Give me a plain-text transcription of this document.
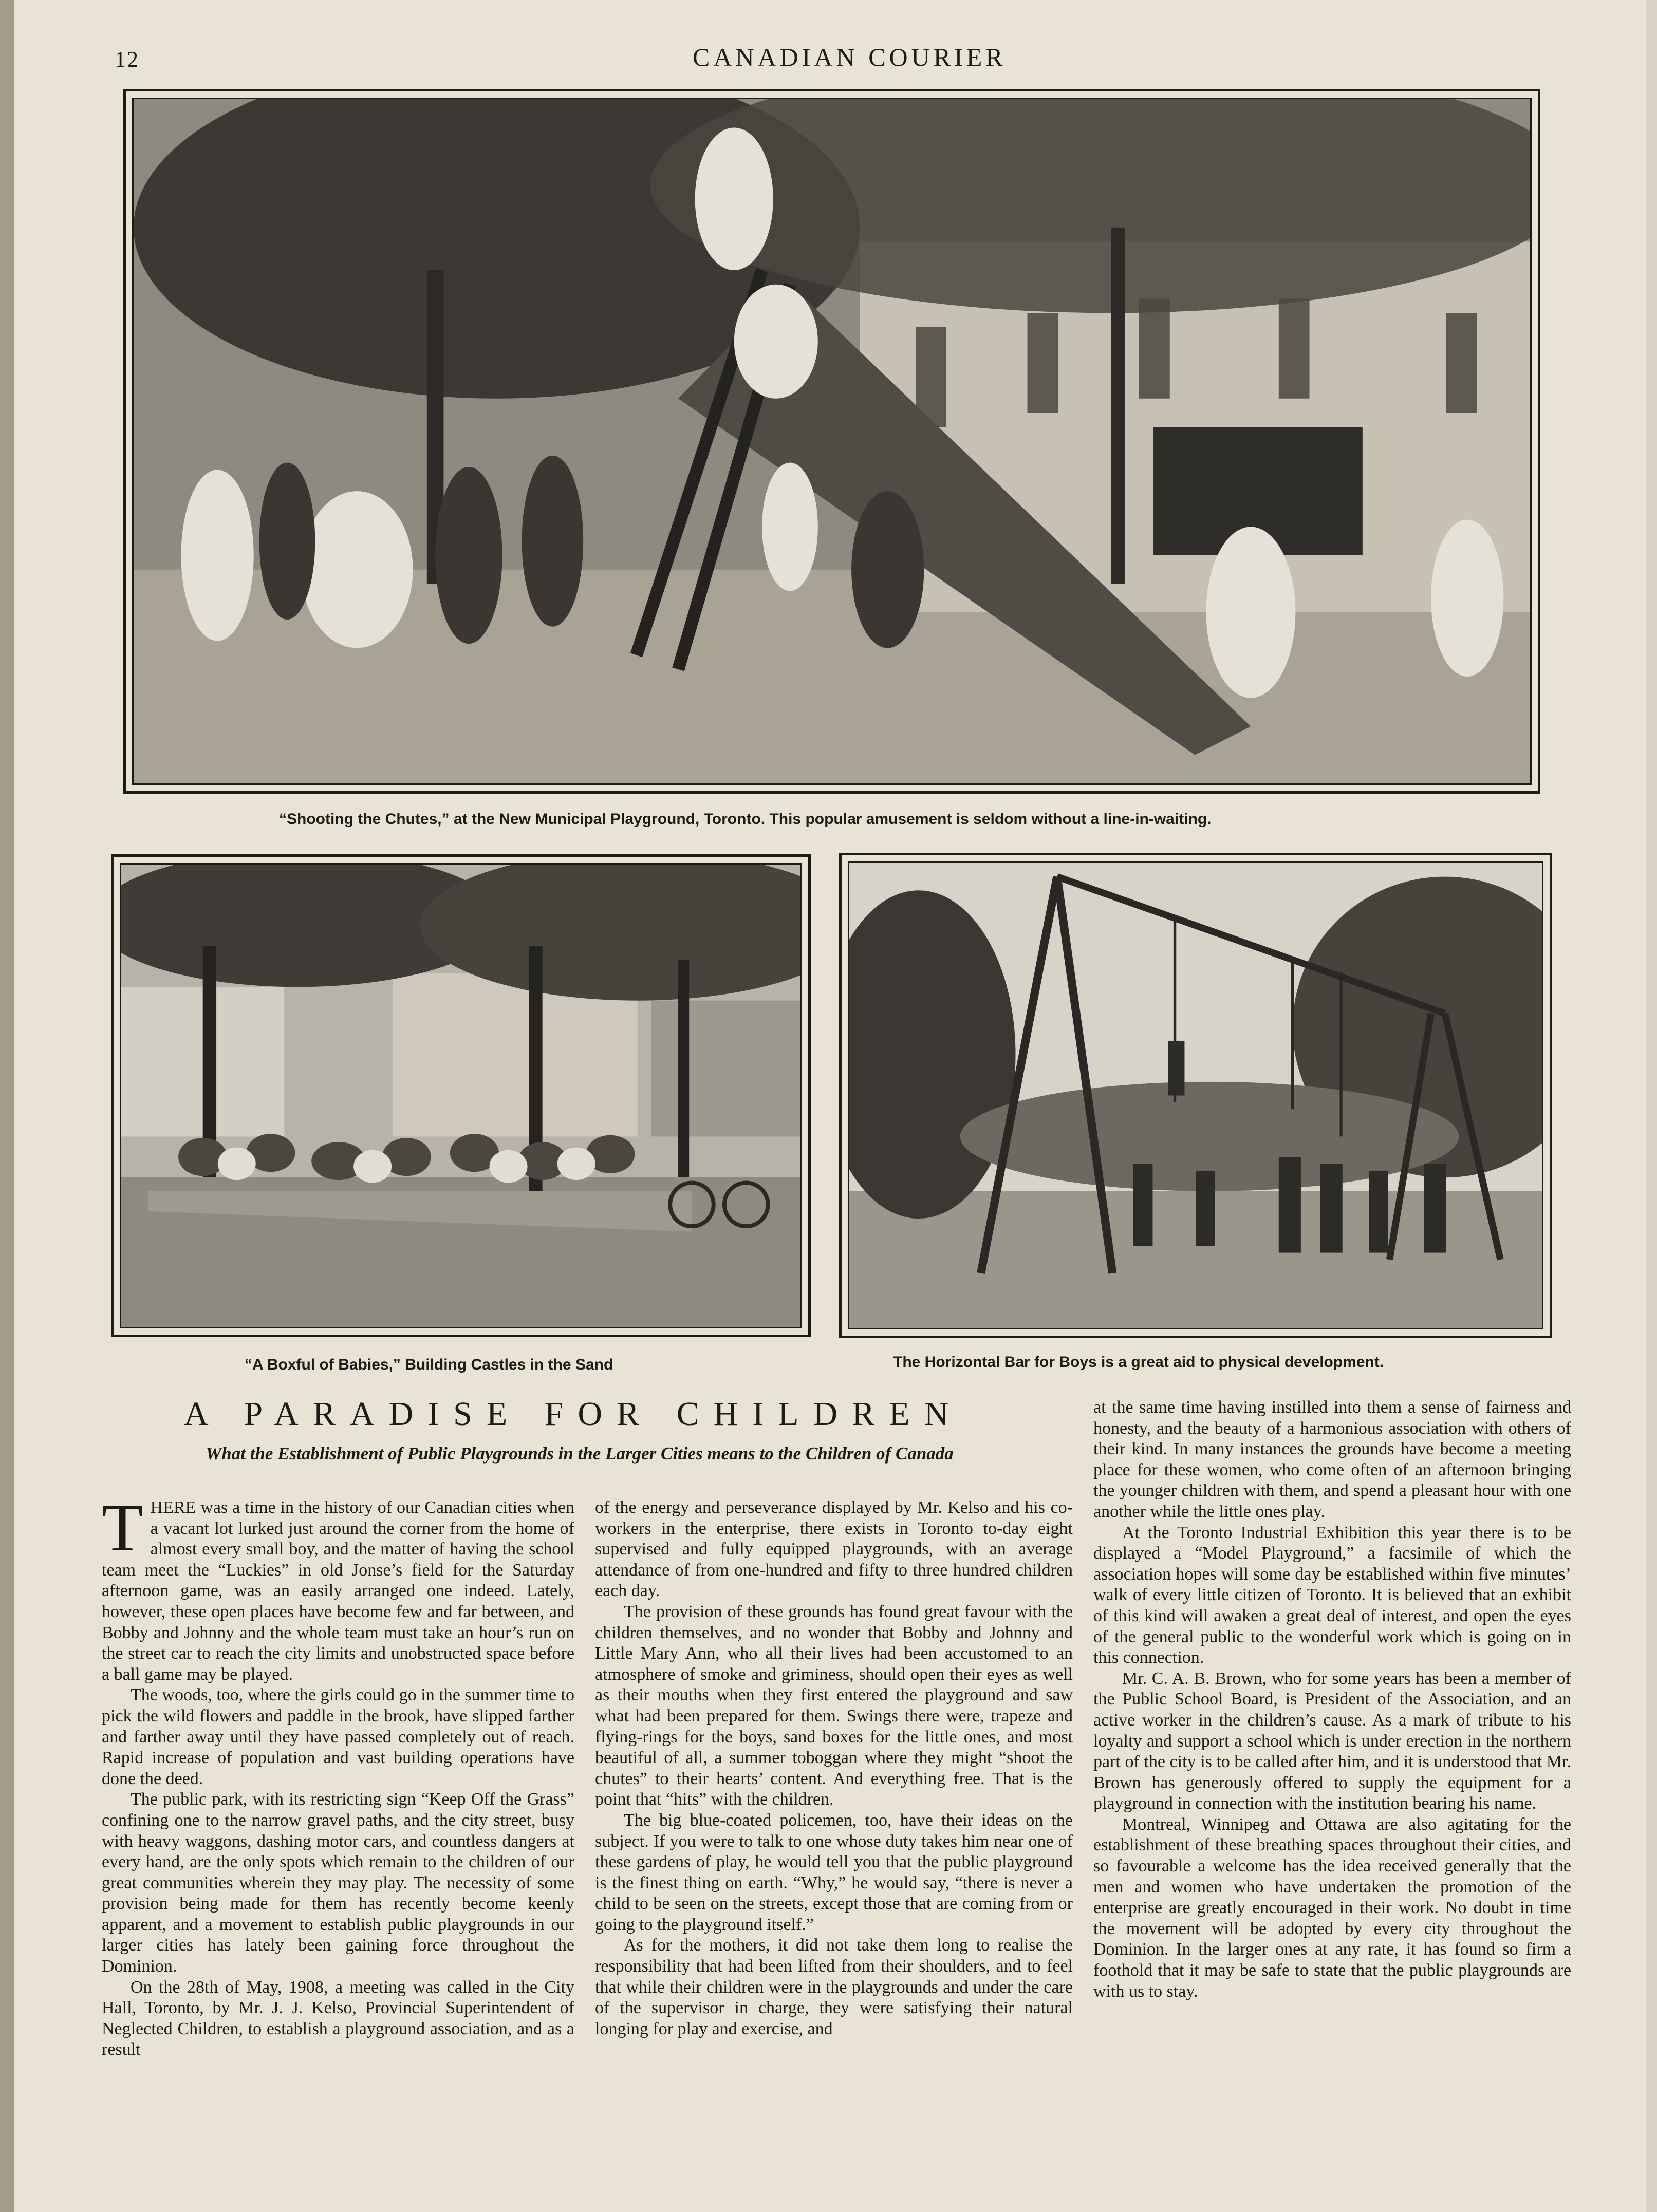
12	CANADIAN COURIER
“Shooting the Chutes,” at the New Municipal Playground, Toronto. This popular amusement is seldom without a line-in-waiting.
“A Boxful of Babies,” Building Castles in the Sand	The Horizontal Bar for Boys is a great aid to physical development.
A PARADISE FOR CHILDREN
What the Establishment of Public Playgrounds in the Larger Cities means to the Children of Canada

THERE was a time in the history of our Canadian cities when a vacant lot lurked just around the corner from the home of almost every small boy, and the matter of having the school team meet the “Luckies” in old Jonse’s field for the Saturday afternoon game, was an easily arranged one indeed. Lately, however, these open places have become few and far between, and Bobby and Johnny and the whole team must take an hour’s run on the street car to reach the city limits and unobstructed space before a ball game may be played.

The woods, too, where the girls could go in the summer time to pick the wild flowers and paddle in the brook, have slipped farther and farther away until they have passed completely out of reach. Rapid increase of population and vast building operations have done the deed.

The public park, with its restricting sign “Keep Off the Grass” confining one to the narrow gravel paths, and the city street, busy with heavy waggons, dashing motor cars, and countless dangers at every hand, are the only spots which remain to the children of our great communities wherein they may play. The necessity of some provision being made for them has recently become keenly apparent, and a movement to establish public playgrounds in our larger cities has lately been gaining force throughout the Dominion.

On the 28th of May, 1908, a meeting was called in the City Hall, Toronto, by Mr. J. J. Kelso, Provincial Superintendent of Neglected Children, to establish a playground association, and as a result

of the energy and perseverance displayed by Mr. Kelso and his co-workers in the enterprise, there exists in Toronto to-day eight supervised and fully equipped playgrounds, with an average attendance of from one-hundred and fifty to three hundred children each day.

The provision of these grounds has found great favour with the children themselves, and no wonder that Bobby and Johnny and Little Mary Ann, who all their lives had been accustomed to an atmosphere of smoke and griminess, should open their eyes as well as their mouths when they first entered the playground and saw what had been prepared for them. Swings there were, trapeze and flying-rings for the boys, sand boxes for the little ones, and most beautiful of all, a summer toboggan where they might “shoot the chutes” to their hearts’ content. And everything free. That is the point that “hits” with the children.

The big blue-coated policemen, too, have their ideas on the subject. If you were to talk to one whose duty takes him near one of these gardens of play, he would tell you that the public playground is the finest thing on earth. “Why,” he would say, “there is never a child to be seen on the streets, except those that are coming from or going to the playground itself.”

As for the mothers, it did not take them long to realise the responsibility that had been lifted from their shoulders, and to feel that while their children were in the playgrounds and under the care of the supervisor in charge, they were satisfying their natural longing for play and exercise, and

at the same time having instilled into them a sense of fairness and honesty, and the beauty of a harmonious association with others of their kind. In many instances the grounds have become a meeting place for these women, who come often of an afternoon bringing the younger children with them, and spend a pleasant hour with one another while the little ones play.

At the Toronto Industrial Exhibition this year there is to be displayed a “Model Playground,” a facsimile of which the association hopes will some day be established within five minutes’ walk of every little citizen of Toronto. It is believed that an exhibit of this kind will awaken a great deal of interest, and open the eyes of the general public to the wonderful work which is going on in this connection.

Mr. C. A. B. Brown, who for some years has been a member of the Public School Board, is President of the Association, and an active worker in the children’s cause. As a mark of tribute to his loyalty and support a school which is under erection in the northern part of the city is to be called after him, and it is understood that Mr. Brown has generously offered to supply the equipment for a playground in connection with the institution bearing his name.

Montreal, Winnipeg and Ottawa are also agitating for the establishment of these breathing spaces throughout their cities, and so favourable a welcome has the idea received generally that the men and women who have undertaken the promotion of the enterprise are greatly encouraged in their work. No doubt in time the movement will be adopted by every city throughout the Dominion. In the larger ones at any rate, it has found so firm a foothold that it may be safe to state that the public playgrounds are with us to stay.
